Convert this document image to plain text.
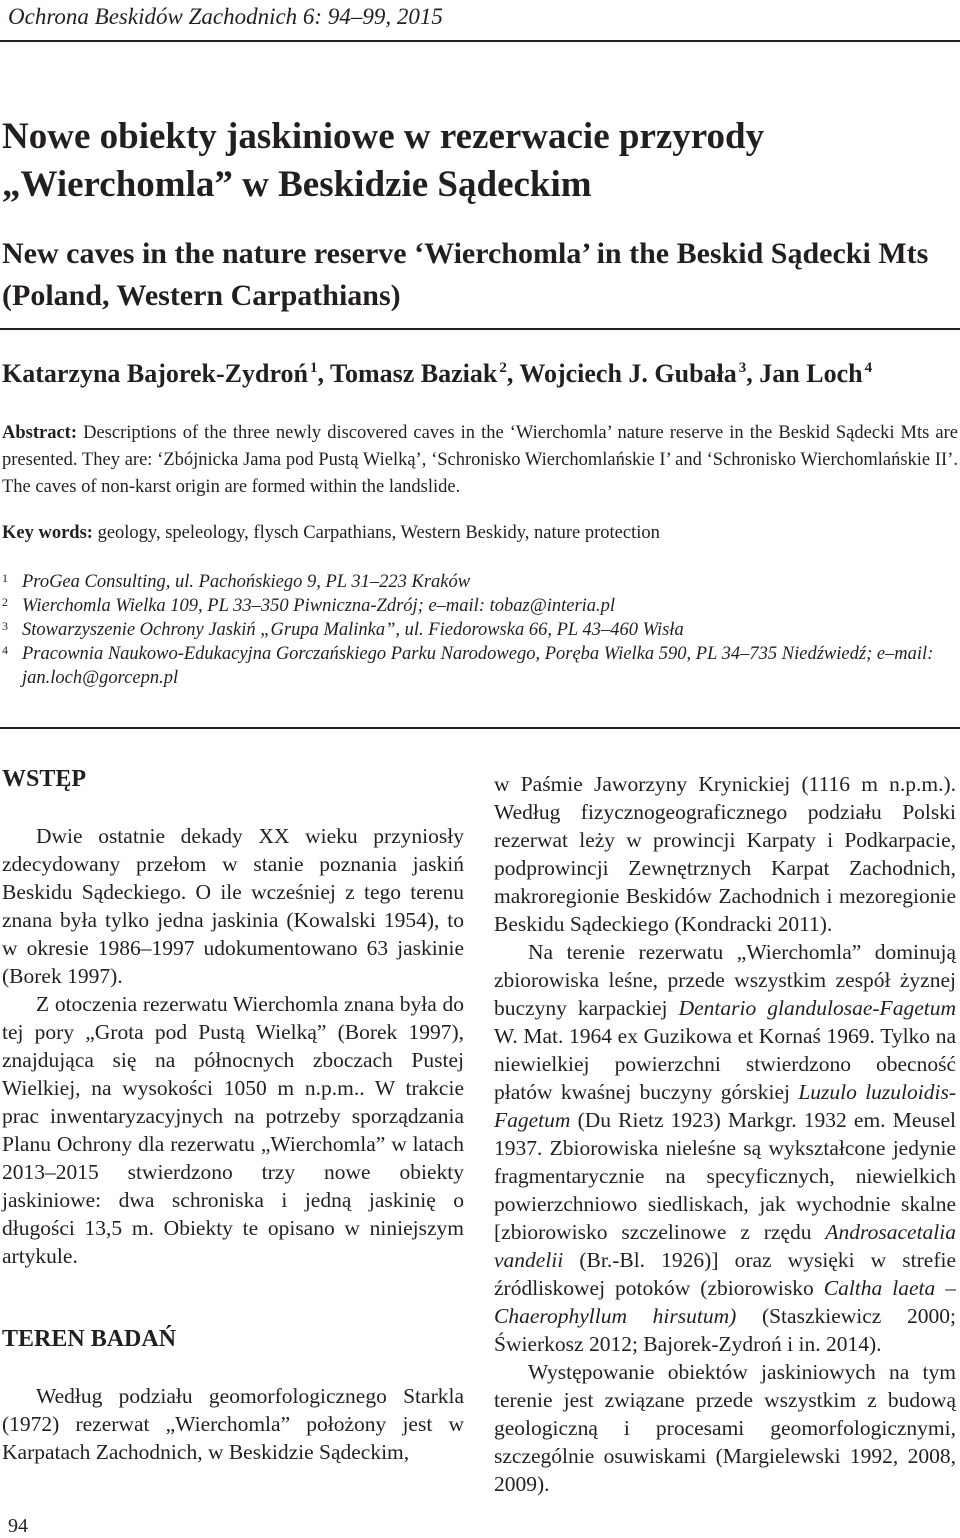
Ochrona Beskidów Zachodnich 6: 94–99, 2015
Nowe obiekty jaskiniowe w rezerwacie przyrody
„Wierchomla” w Beskidzie Sądeckim
New caves in the nature reserve ‘Wierchomla’ in the Beskid Sądecki Mts
(Poland, Western Carpathians)
Katarzyna Bajorek-Zydroń $^1$, Tomasz Baziak $^2$, Wojciech J. Gubała $^3$, Jan Loch $^4$
Abstract: Descriptions of the three newly discovered caves in the ‘Wierchomla’ nature reserve in the Beskid Sądecki Mts are presented. They are: ‘Zbójnicka Jama pod Pustą Wielką’, ‘Schronisko Wierchomlańskie I’ and ‘Schronisko Wierchomlańskie II’. The caves of non-karst origin are formed within the landslide.
Key words: geology, speleology, flysch Carpathians, Western Beskidy, nature protection
1 ProGea Consulting, ul. Pachońskiego 9, PL 31–223 Kraków
2 Wierchomla Wielka 109, PL 33–350 Piwniczna-Zdrój; e–mail: tobaz@interia.pl
3 Stowarzyszenie Ochrony Jaskiń „Grupa Malinka”, ul. Fiedorowska 66, PL 43–460 Wisła
4 Pracownia Naukowo-Edukacyjna Gorczańskiego Parku Narodowego, Poręba Wielka 590, PL 34–735 Niedźwiedź; e–mail: jan.loch@gorcepn.pl
WSTĘP

Dwie ostatnie dekady XX wieku przyniosły zdecydowany przełom w stanie poznania jaskiń Beskidu Sądeckiego. O ile wcześniej z tego terenu znana była tylko jedna jaskinia (Kowalski 1954), to w okresie 1986–1997 udokumentowano 63 jaskinie (Borek 1997).

Z otoczenia rezerwatu Wierchomla znana była do tej pory „Grota pod Pustą Wielką” (Borek 1997), znajdująca się na północnych zboczach Pustej Wielkiej, na wysokości 1050 m n.p.m.. W trakcie prac inwentaryzacyjnych na potrzeby sporządzania Planu Ochrony dla rezerwatu „Wierchomla” w latach 2013–2015 stwierdzono trzy nowe obiekty jaskiniowe: dwa schroniska i jedną jaskinię o długości 13,5 m. Obiekty te opisano w niniejszym artykule.

TEREN BADAŃ

Według podziału geomorfologicznego Starkla (1972) rezerwat „Wierchomla” położony jest w Karpatach Zachodnich, w Beskidzie Sądeckim,

w Paśmie Jaworzyny Krynickiej (1116 m n.p.m.). Według fizycznogeograficznego podziału Polski rezerwat leży w prowincji Karpaty i Podkarpacie, podprowincji Zewnętrznych Karpat Zachodnich, makroregionie Beskidów Zachodnich i mezoregionie Beskidu Sądeckiego (Kondracki 2011).

Na terenie rezerwatu „Wierchomla” dominują zbiorowiska leśne, przede wszystkim zespół żyznej buczyny karpackiej Dentario glandulosae-Fagetum W. Mat. 1964 ex Guzikowa et Kornaś 1969. Tylko na niewielkiej powierzchni stwierdzono obecność płatów kwaśnej buczyny górskiej Luzulo luzuloidis-Fagetum (Du Rietz 1923) Markgr. 1932 em. Meusel 1937. Zbiorowiska nieleśne są wykształcone jedynie fragmentarycznie na specyficznych, niewielkich powierzchniowo siedliskach, jak wychodnie skalne [zbiorowisko szczelinowe z rzędu Androsacetalia vandelii (Br.-Bl. 1926)] oraz wysięki w strefie źródliskowej potoków (zbiorowisko Caltha laeta – Chaerophyllum hirsutum) (Staszkiewicz 2000; Świerkosz 2012; Bajorek-Zydroń i in. 2014).

Występowanie obiektów jaskiniowych na tym terenie jest związane przede wszystkim z budową geologiczną i procesami geomorfologicznymi, szczególnie osuwiskami (Margielewski 1992, 2008, 2009).

94
